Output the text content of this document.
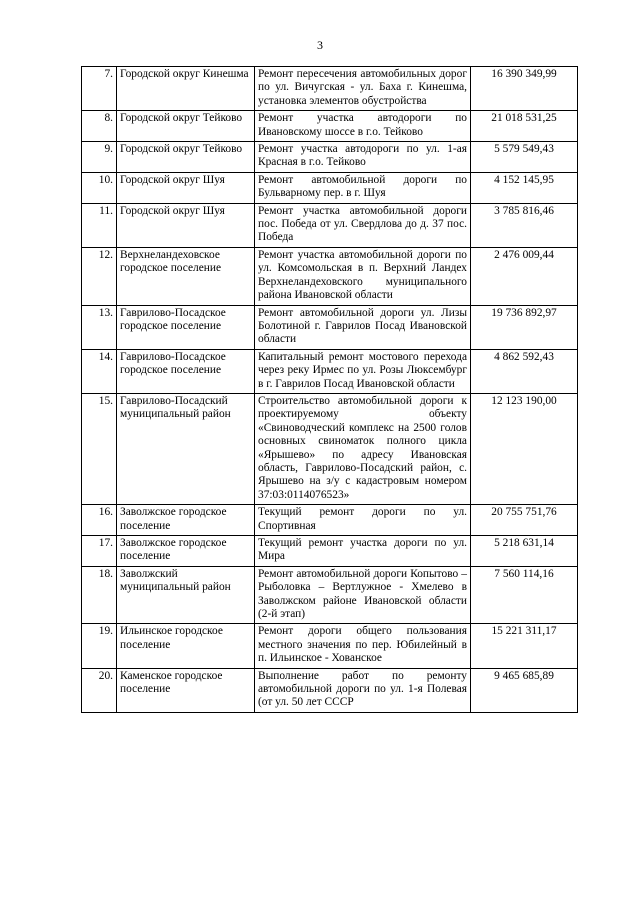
3
7.	Городской округ Кинешма	Ремонт пересечения автомобильных дорог по ул. Вичугская - ул. Баха г. Кинешма, установка элементов обустройства	16 390 349,99
8.	Городской округ Тейково	Ремонт участка автодороги по Ивановскому шоссе в г.о. Тейково	21 018 531,25
9.	Городской округ Тейково	Ремонт участка автодороги по ул. 1-ая Красная в г.о. Тейково	5 579 549,43
10.	Городской округ Шуя	Ремонт автомобильной дороги по Бульварному пер. в г. Шуя	4 152 145,95
11.	Городской округ Шуя	Ремонт участка автомобильной дороги пос. Победа от ул. Свердлова до д. 37 пос. Победа	3 785 816,46
12.	Верхнеландеховское городское поселение	Ремонт участка автомобильной дороги по ул. Комсомольская в п. Верхний Ландех Верхнеландеховского муниципального района Ивановской области	2 476 009,44
13.	Гаврилово-Посадское городское поселение	Ремонт автомобильной дороги ул. Лизы Болотиной г. Гаврилов Посад Ивановской области	19 736 892,97
14.	Гаврилово-Посадское городское поселение	Капитальный ремонт мостового перехода через реку Ирмес по ул. Розы Люксембург в г. Гаврилов Посад Ивановской области	4 862 592,43
15.	Гаврилово-Посадский муниципальный район	Строительство автомобильной дороги к проектируемому объекту «Свиноводческий комплекс на 2500 голов основных свиноматок полного цикла «Ярышево» по адресу Ивановская область, Гаврилово-Посадский район, с. Ярышево на з/у с кадастровым номером 37:03:0114076523»	12 123 190,00
16.	Заволжское городское поселение	Текущий ремонт дороги по ул. Спортивная	20 755 751,76
17.	Заволжское городское поселение	Текущий ремонт участка дороги по ул. Мира	5 218 631,14
18.	Заволжский муниципальный район	Ремонт автомобильной дороги Копытово – Рыболовка – Вертлужное - Хмелево в Заволжском районе Ивановской области (2-й этап)	7 560 114,16
19.	Ильинское городское поселение	Ремонт дороги общего пользования местного значения по пер. Юбилейный в п. Ильинское - Хованское	15 221 311,17
20.	Каменское городское поселение	Выполнение работ по ремонту автомобильной дороги по ул. 1-я Полевая (от ул. 50 лет СССР	9 465 685,89
